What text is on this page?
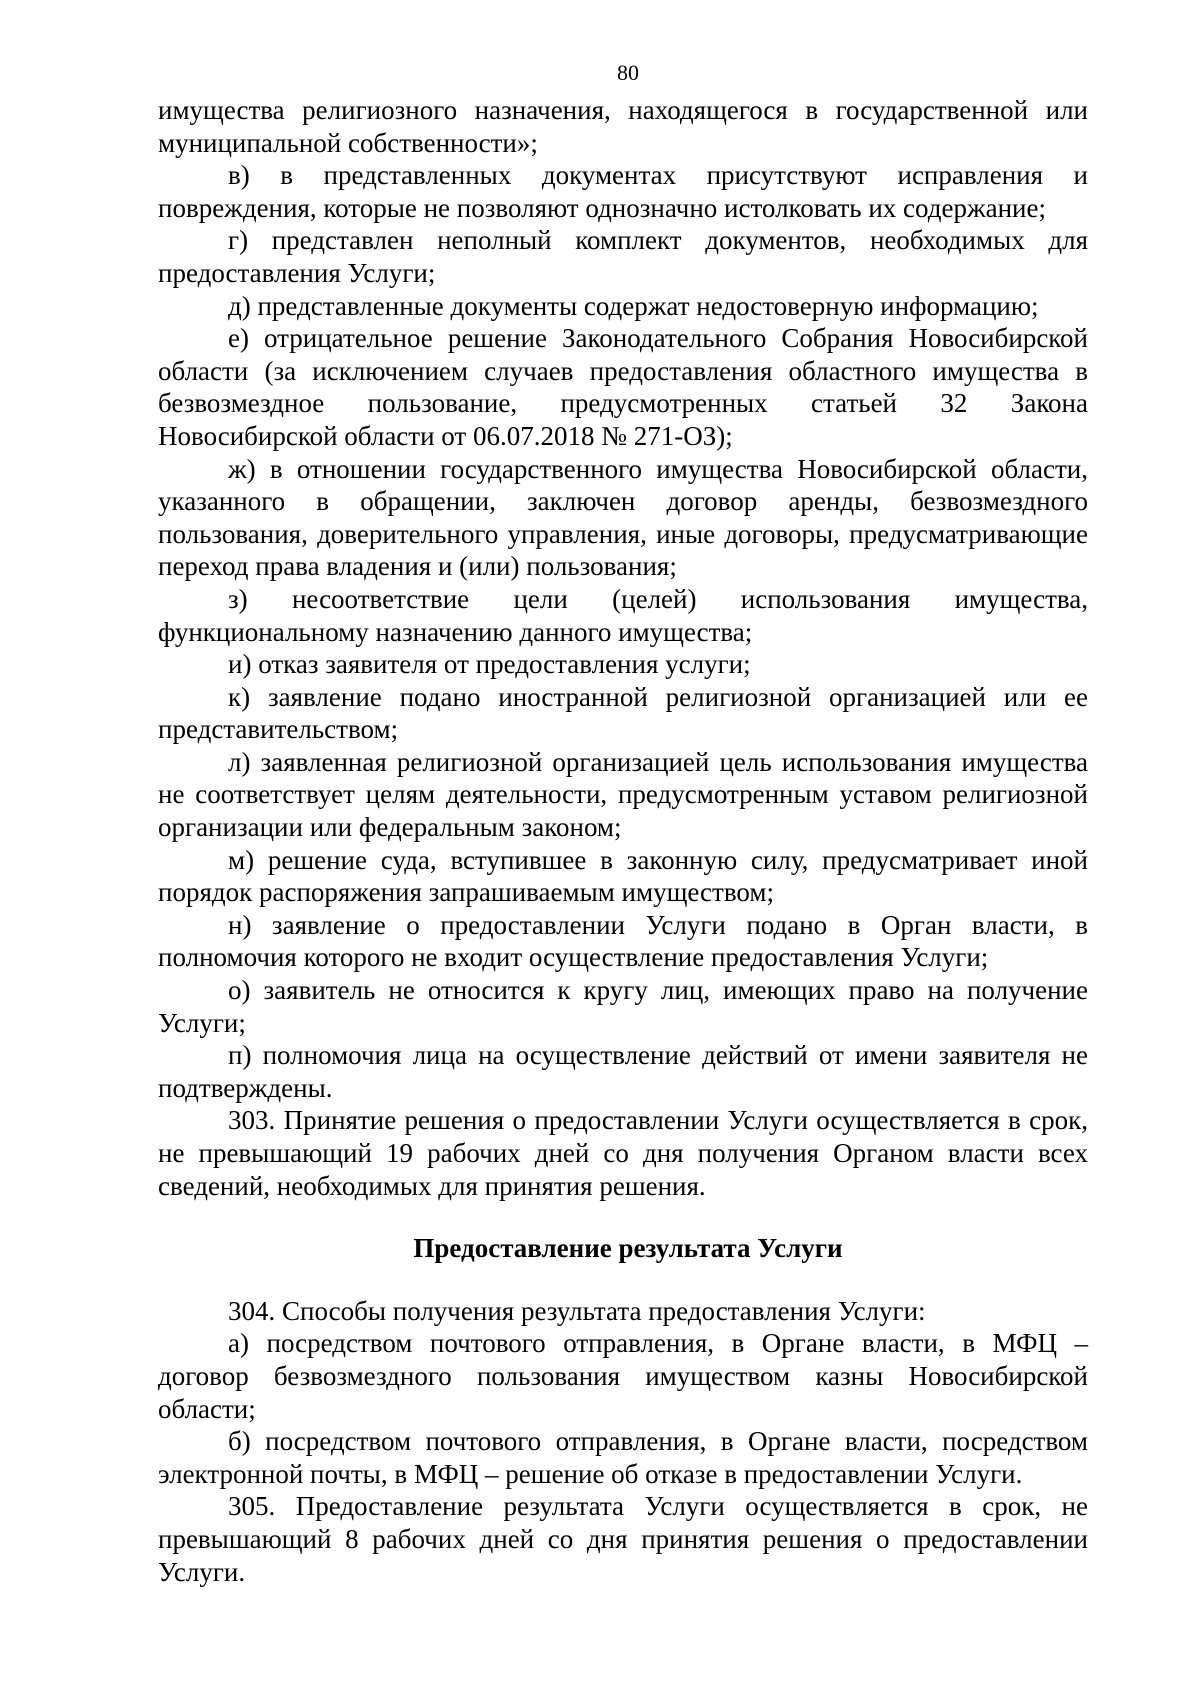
80

имущества религиозного назначения, находящегося в государственной или муниципальной собственности»;

в) в представленных документах присутствуют исправления и повреждения, которые не позволяют однозначно истолковать их содержание;

г) представлен неполный комплект документов, необходимых для предоставления Услуги;

д) представленные документы содержат недостоверную информацию;

е) отрицательное решение Законодательного Собрания Новосибирской области (за исключением случаев предоставления областного имущества в безвозмездное пользование, предусмотренных статьей 32 Закона Новосибирской области от 06.07.2018 № 271-ОЗ);

ж) в отношении государственного имущества Новосибирской области, указанного в обращении, заключен договор аренды, безвозмездного пользования, доверительного управления, иные договоры, предусматривающие переход права владения и (или) пользования;

з) несоответствие цели (целей) использования имущества, функциональному назначению данного имущества;

и) отказ заявителя от предоставления услуги;

к) заявление подано иностранной религиозной организацией или ее представительством;

л) заявленная религиозной организацией цель использования имущества не соответствует целям деятельности, предусмотренным уставом религиозной организации или федеральным законом;

м) решение суда, вступившее в законную силу, предусматривает иной порядок распоряжения запрашиваемым имуществом;

н) заявление о предоставлении Услуги подано в Орган власти, в полномочия которого не входит осуществление предоставления Услуги;

о) заявитель не относится к кругу лиц, имеющих право на получение Услуги;

п) полномочия лица на осуществление действий от имени заявителя не подтверждены.

303. Принятие решения о предоставлении Услуги осуществляется в срок, не превышающий 19 рабочих дней со дня получения Органом власти всех сведений, необходимых для принятия решения.

Предоставление результата Услуги

304. Способы получения результата предоставления Услуги:

а) посредством почтового отправления, в Органе власти, в МФЦ – договор безвозмездного пользования имуществом казны Новосибирской области;

б) посредством почтового отправления, в Органе власти, посредством электронной почты, в МФЦ – решение об отказе в предоставлении Услуги.

305. Предоставление результата Услуги осуществляется в срок, не превышающий 8 рабочих дней со дня принятия решения о предоставлении Услуги.
